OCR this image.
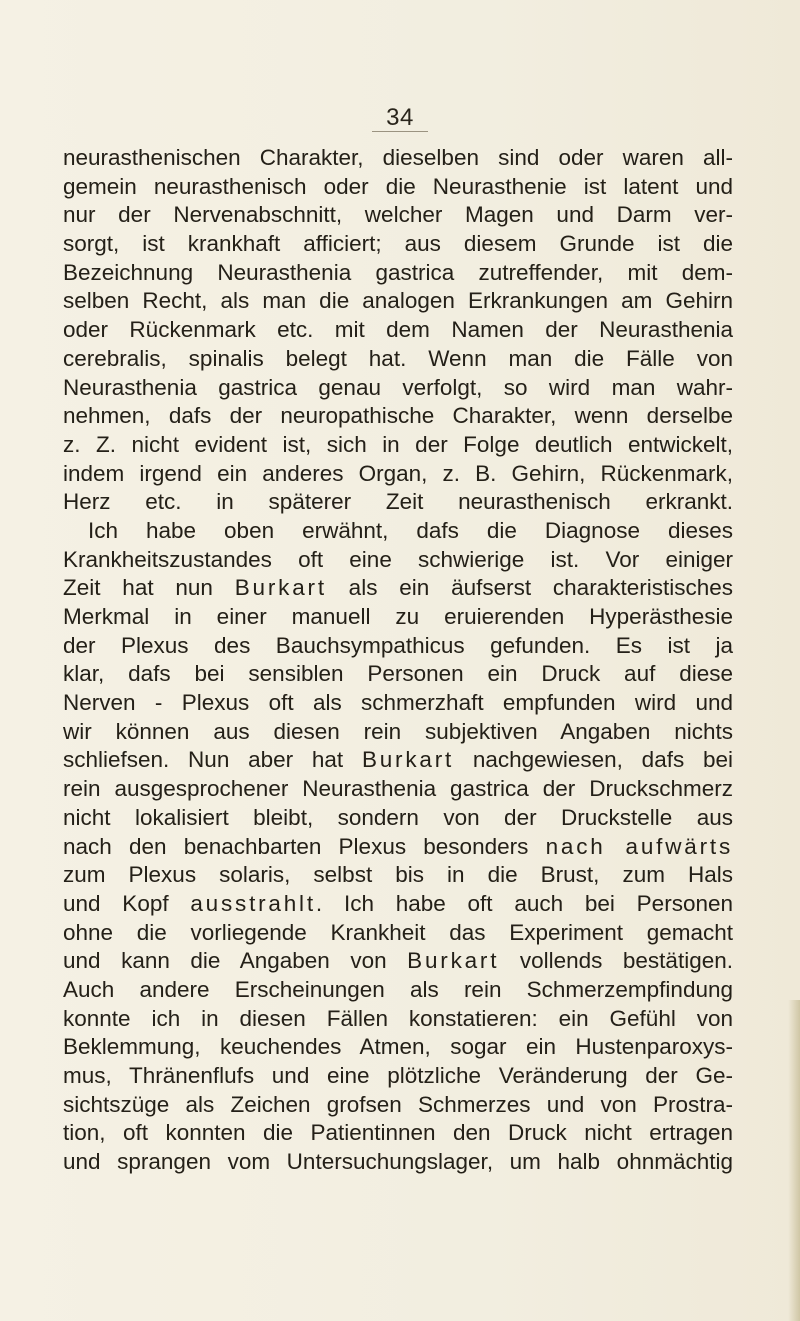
34
neurasthenischen Charakter, dieselben sind oder waren all-
gemein neurasthenisch oder die Neurasthenie ist latent und
nur der Nervenabschnitt, welcher Magen und Darm ver-
sorgt, ist krankhaft afficiert; aus diesem Grunde ist die
Bezeichnung Neurasthenia gastrica zutreffender, mit dem-
selben Recht, als man die analogen Erkrankungen am Gehirn
oder Rückenmark etc. mit dem Namen der Neurasthenia
cerebralis, spinalis belegt hat. Wenn man die Fälle von
Neurasthenia gastrica genau verfolgt, so wird man wahr-
nehmen, dafs der neuropathische Charakter, wenn derselbe
z. Z. nicht evident ist, sich in der Folge deutlich entwickelt,
indem irgend ein anderes Organ, z. B. Gehirn, Rückenmark,
Herz etc. in späterer Zeit neurasthenisch erkrankt.
Ich habe oben erwähnt, dafs die Diagnose dieses
Krankheitszustandes oft eine schwierige ist. Vor einiger
Zeit hat nun Burkart als ein äufserst charakteristisches
Merkmal in einer manuell zu eruierenden Hyperästhesie
der Plexus des Bauchsympathicus gefunden. Es ist ja
klar, dafs bei sensiblen Personen ein Druck auf diese
Nerven - Plexus oft als schmerzhaft empfunden wird und
wir können aus diesen rein subjektiven Angaben nichts
schliefsen. Nun aber hat Burkart nachgewiesen, dafs bei
rein ausgesprochener Neurasthenia gastrica der Druckschmerz
nicht lokalisiert bleibt, sondern von der Druckstelle aus
nach den benachbarten Plexus besonders nach aufwärts
zum Plexus solaris, selbst bis in die Brust, zum Hals
und Kopf ausstrahlt. Ich habe oft auch bei Personen
ohne die vorliegende Krankheit das Experiment gemacht
und kann die Angaben von Burkart vollends bestätigen.
Auch andere Erscheinungen als rein Schmerzempfindung
konnte ich in diesen Fällen konstatieren: ein Gefühl von
Beklemmung, keuchendes Atmen, sogar ein Hustenparoxys-
mus, Thränenflufs und eine plötzliche Veränderung der Ge-
sichtszüge als Zeichen grofsen Schmerzes und von Prostra-
tion, oft konnten die Patientinnen den Druck nicht ertragen
und sprangen vom Untersuchungslager, um halb ohnmächtig
